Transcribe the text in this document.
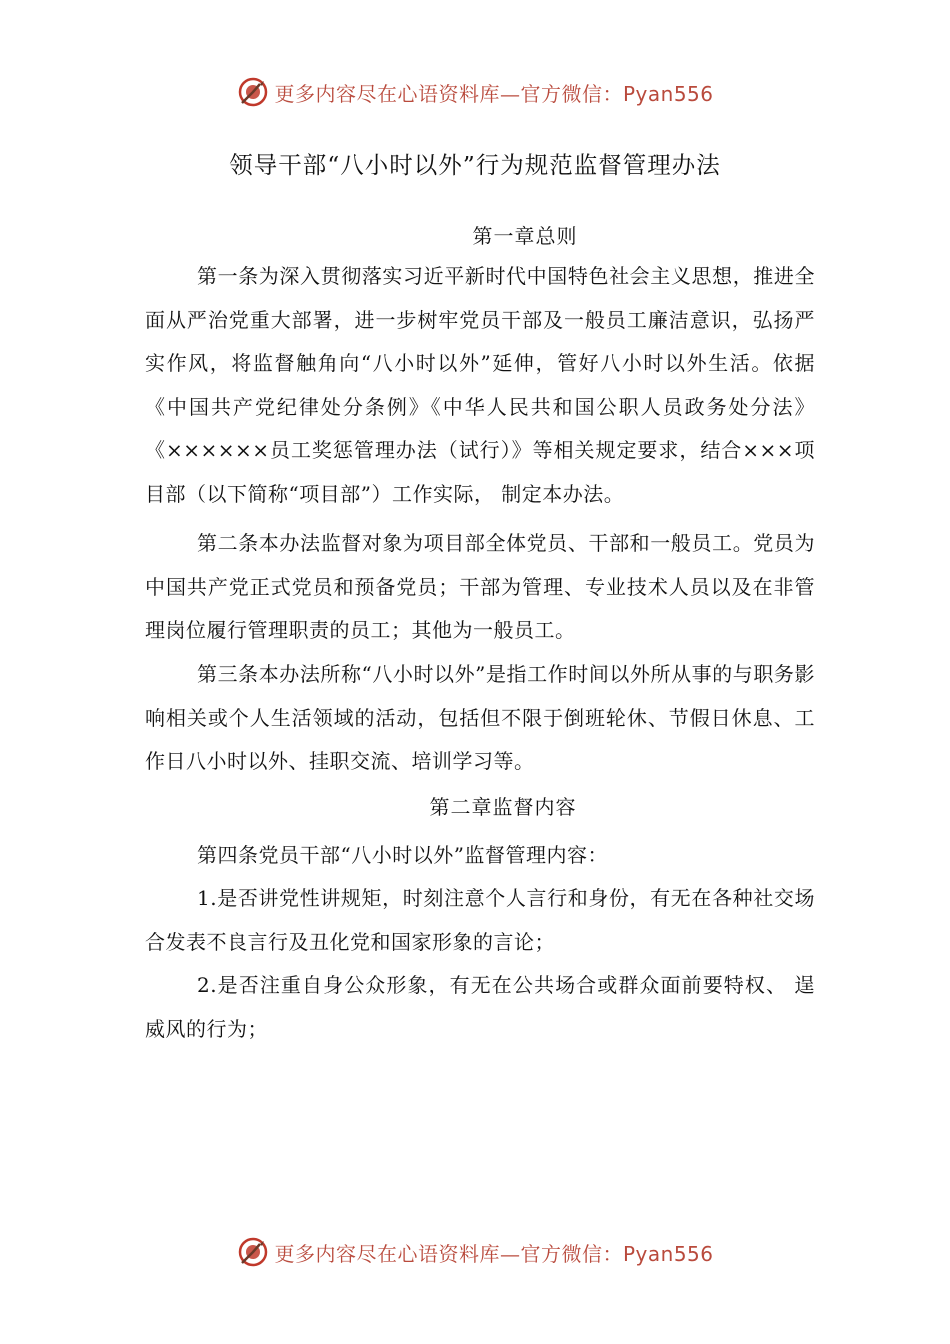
更多内容尽在心语资料库—官方微信：Pyan556
领导干部“八小时以外”行为规范监督管理办法
第一章总则

第一条为深入贯彻落实习近平新时代中国特色社会主义思想，推进全面从严治党重大部署，进一步树牢党员干部及一般员工廉洁意识，弘扬严实作风，将监督触角向“八小时以外”延伸，管好八小时以外生活。依据《中国共产党纪律处分条例》《中华人民共和国公职人员政务处分法》《××××××员工奖惩管理办法（试行）》等相关规定要求，结合×××项目部（以下简称“项目部”）工作实际， 制定本办法。

第二条本办法监督对象为项目部全体党员、干部和一般员工。党员为中国共产党正式党员和预备党员；干部为管理、专业技术人员以及在非管理岗位履行管理职责的员工；其他为一般员工。

第三条本办法所称“八小时以外”是指工作时间以外所从事的与职务影响相关或个人生活领域的活动，包括但不限于倒班轮休、节假日休息、工作日八小时以外、挂职交流、培训学习等。

第二章监督内容

第四条党员干部“八小时以外”监督管理内容：

1.是否讲党性讲规矩，时刻注意个人言行和身份，有无在各种社交场合发表不良言行及丑化党和国家形象的言论；

2.是否注重自身公众形象，有无在公共场合或群众面前要特权、 逞威风的行为；

更多内容尽在心语资料库—官方微信：Pyan556
